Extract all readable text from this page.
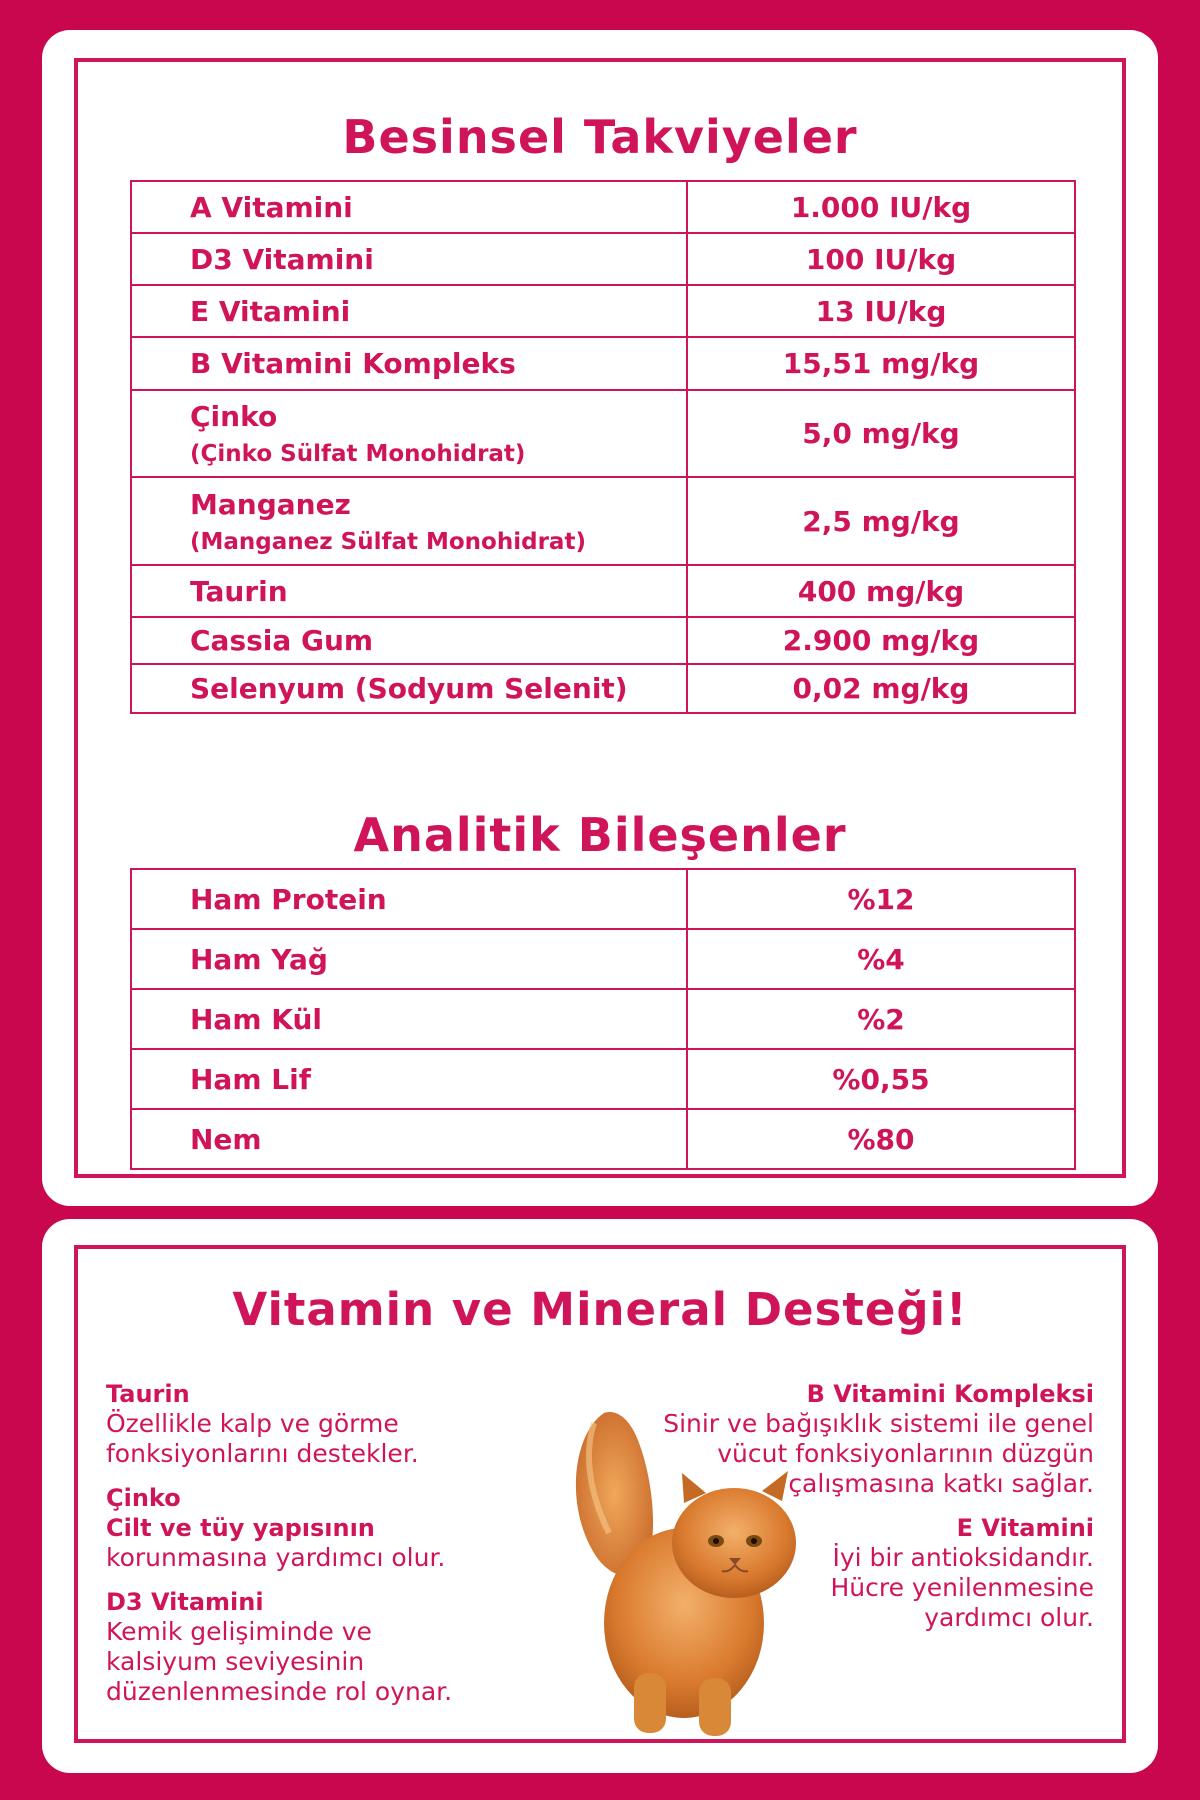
Besinsel Takviyeler
A Vitamini	1.000 IU/kg
D3 Vitamini	100 IU/kg
E Vitamini	13 IU/kg
B Vitamini Kompleks	15,51 mg/kg
Çinko
(Çinko Sülfat Monohidrat)	5,0 mg/kg
Manganez
(Manganez Sülfat Monohidrat)	2,5 mg/kg
Taurin	400 mg/kg
Cassia Gum	2.900 mg/kg
Selenyum (Sodyum Selenit)	0,02 mg/kg
Analitik Bileşenler
Ham Protein	%12
Ham Yağ	%4
Ham Kül	%2
Ham Lif	%0,55
Nem	%80
Vitamin ve Mineral Desteği!
Taurin
Özellikle kalp ve görme
fonksiyonlarını destekler.
Çinko
Cilt ve tüy yapısının
korunmasına yardımcı olur.
D3 Vitamini
Kemik gelişiminde ve
kalsiyum seviyesinin
düzenlenmesinde rol oynar.
B Vitamini Kompleksi
Sinir ve bağışıklık sistemi ile genel
vücut fonksiyonlarının düzgün
çalışmasına katkı sağlar.
E Vitamini
İyi bir antioksidandır.
Hücre yenilenmesine
yardımcı olur.
